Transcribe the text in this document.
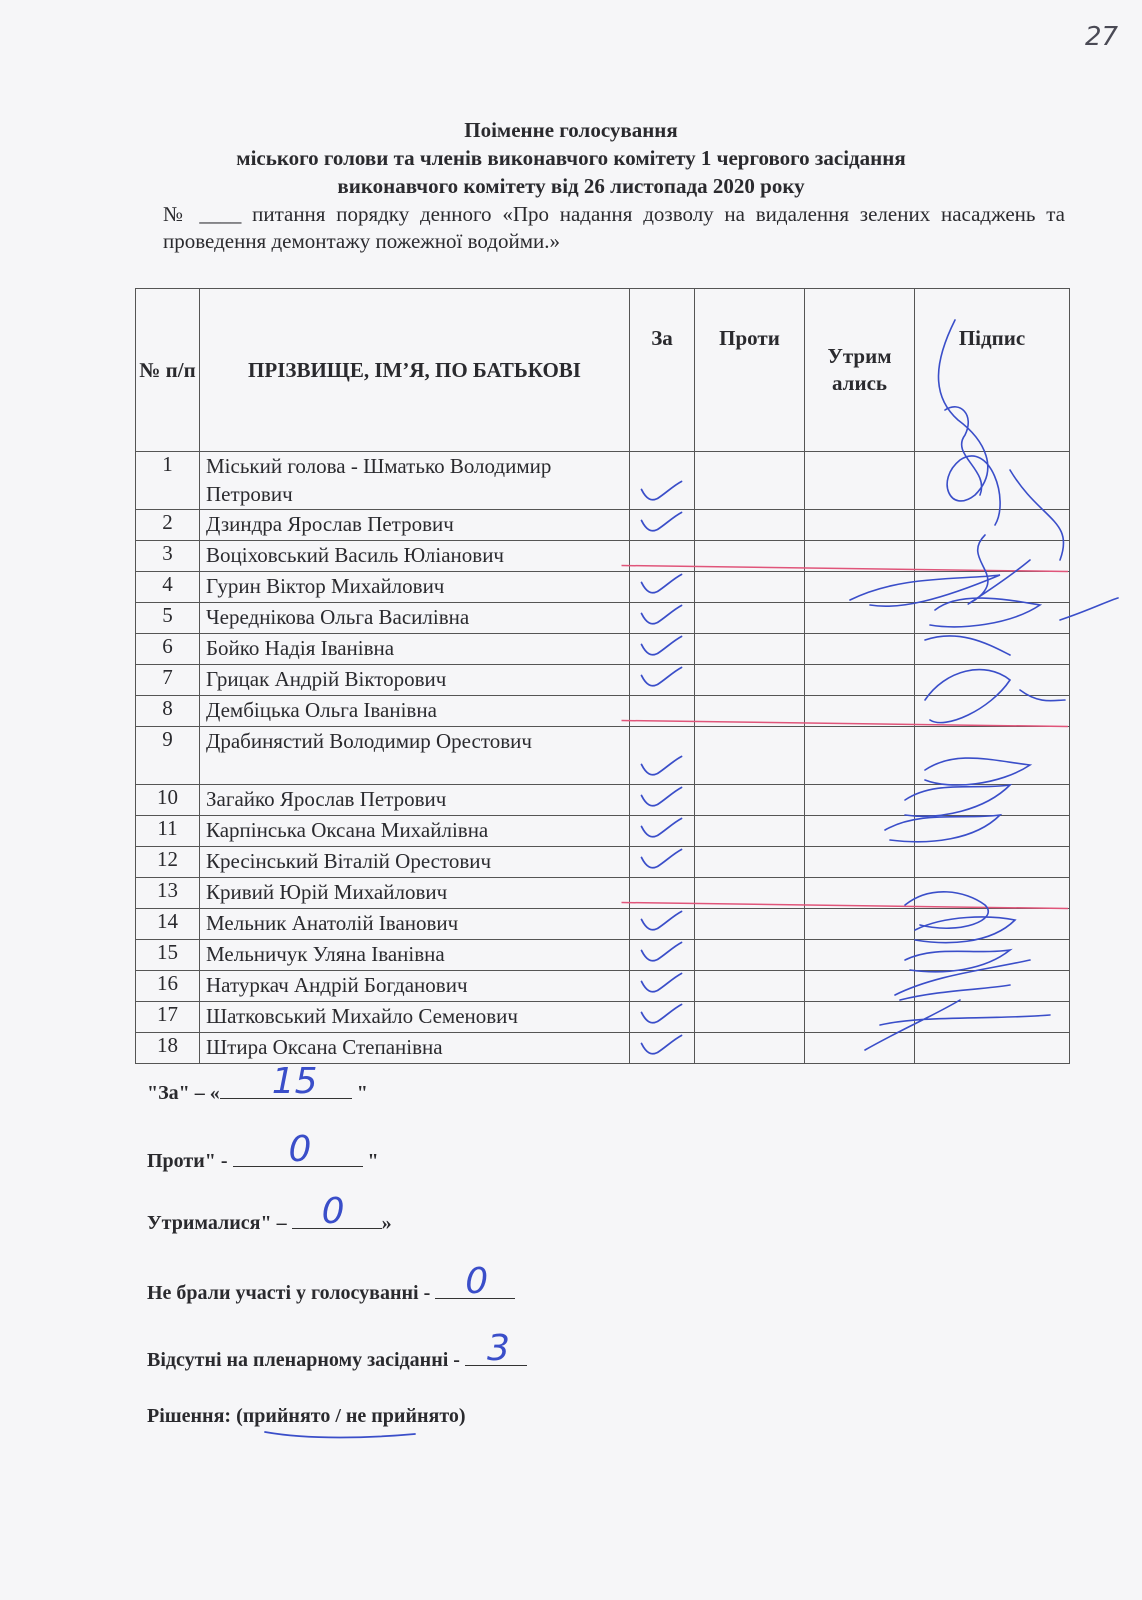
27
Поіменне голосування
міського голови та членів виконавчого комітету 1 чергового засідання
виконавчого комітету від 26 листопада 2020 року
№ ____ питання порядку денного «Про надання дозволу на видалення зелених насаджень та проведення демонтажу пожежної водойми.»
№ п/п	ПРІЗВИЩЕ, ІМ’Я, ПО БАТЬКОВІ	За	Проти	Утрим ались	Підпис
1	Міський голова - Шматько Володимир Петрович				
2	Дзиндра Ярослав Петрович				
3	Воціховський Василь Юліанович				
4	Гурин Віктор Михайлович				
5	Череднікова Ольга Василівна				
6	Бойко Надія Іванівна				
7	Грицак Андрій Вікторович				
8	Дембіцька Ольга Іванівна				
9	Драбинястий Володимир Орестович				
10	Загайко Ярослав Петрович				
11	Карпінська Оксана Михайлівна				
12	Кресінський Віталій Орестович				
13	Кривий Юрій Михайлович				
14	Мельник Анатолій Іванович				
15	Мельничук Уляна Іванівна				
16	Натуркач Андрій Богданович				
17	Шатковський Михайло Семенович				
18	Штира Оксана Степанівна				
"За" – « 15 "
Проти" - 0	"
Утрималися" – 0 »
Не брали участі у голосуванні - 0
Відсутні на пленарному засіданні - 3
Рішення: (прийнято / не прийнято)
